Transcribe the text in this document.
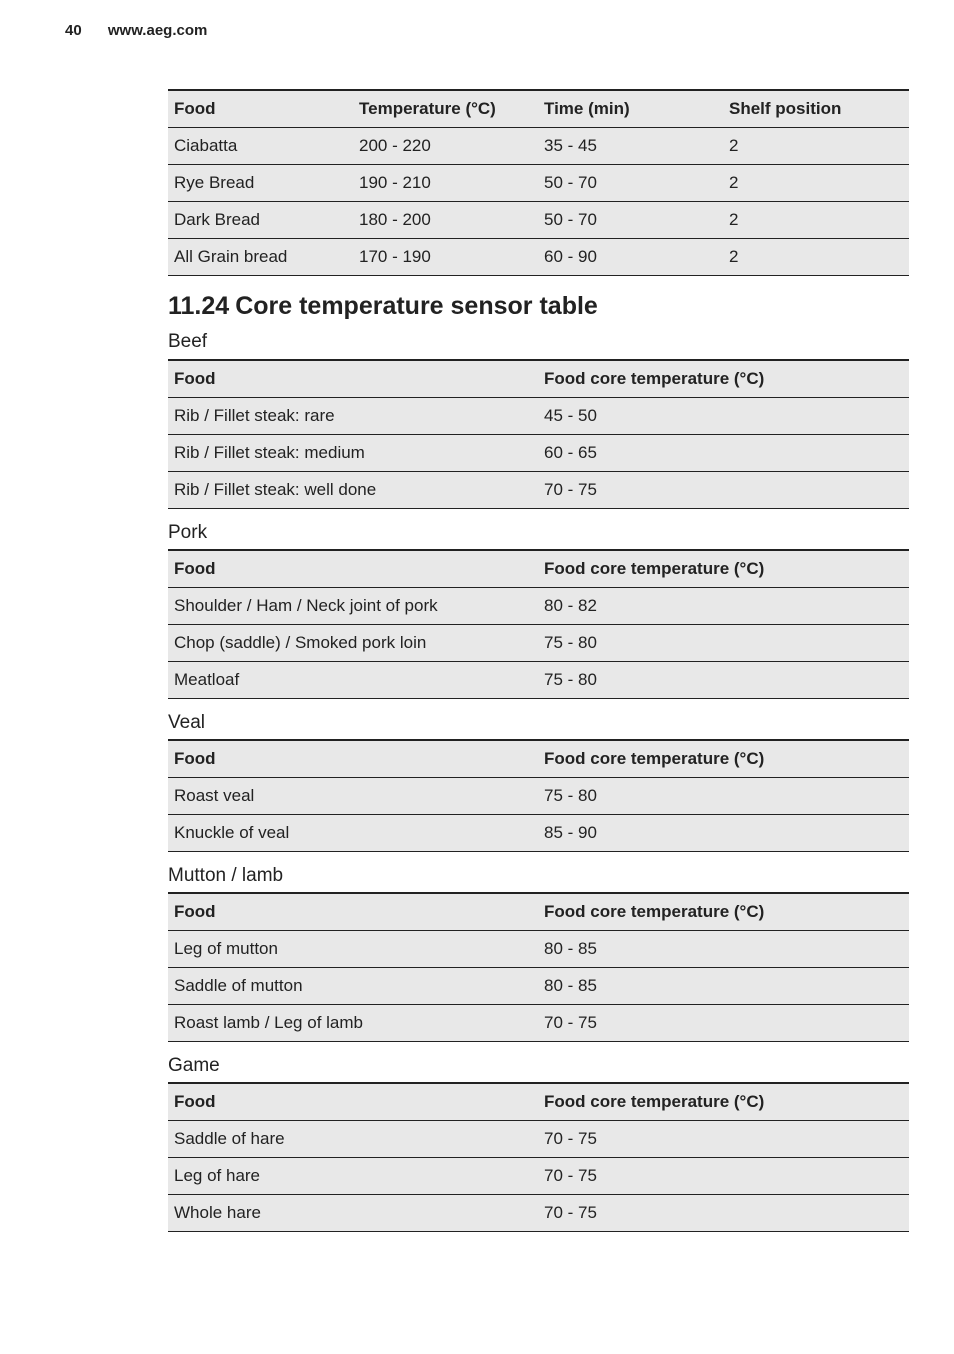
40 www.aeg.com
Food	Temperature (°C)	Time (min)	Shelf position
Ciabatta	200 - 220	35 - 45	2
Rye Bread	190 - 210	50 - 70	2
Dark Bread	180 - 200	50 - 70	2
All Grain bread	170 - 190	60 - 90	2
11.24 Core temperature sensor table

Beef

Food	Food core temperature (°C)
Rib / Fillet steak: rare	45 - 50
Rib / Fillet steak: medium	60 - 65
Rib / Fillet steak: well done	70 - 75

Pork

Food	Food core temperature (°C)
Shoulder / Ham / Neck joint of pork	80 - 82
Chop (saddle) / Smoked pork loin	75 - 80
Meatloaf	75 - 80

Veal

Food	Food core temperature (°C)
Roast veal	75 - 80
Knuckle of veal	85 - 90

Mutton / lamb

Food	Food core temperature (°C)
Leg of mutton	80 - 85
Saddle of mutton	80 - 85
Roast lamb / Leg of lamb	70 - 75

Game

Food	Food core temperature (°C)
Saddle of hare	70 - 75
Leg of hare	70 - 75
Whole hare	70 - 75
